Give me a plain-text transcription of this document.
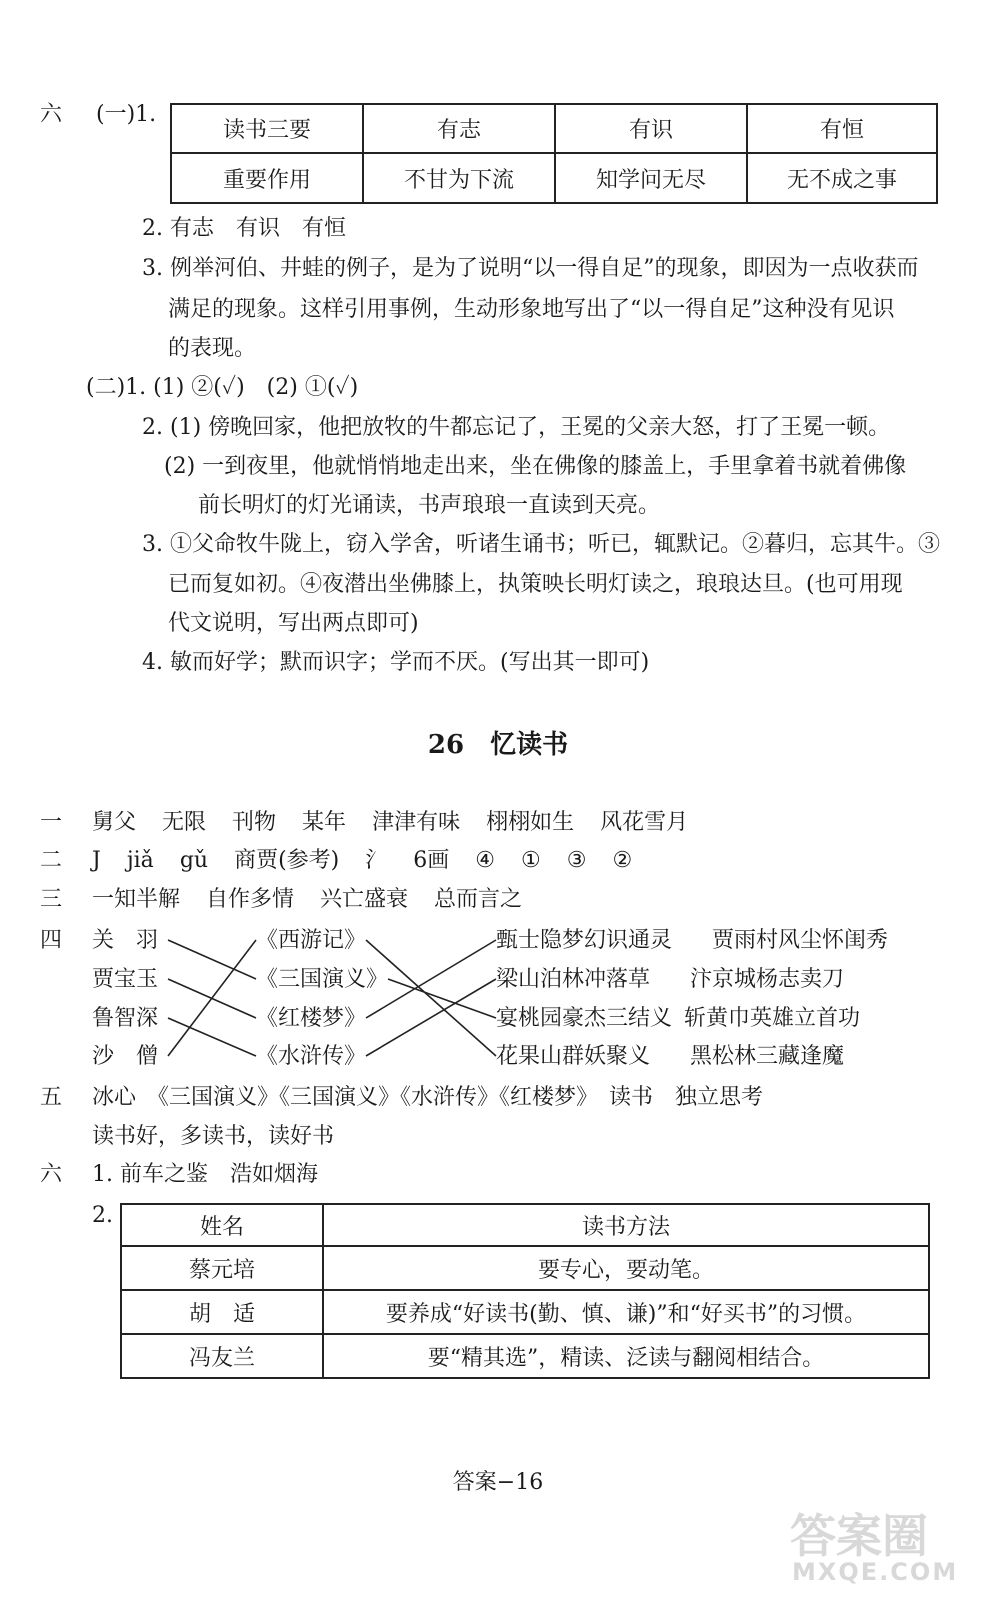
六 (一)1.
读书三要	有志	有识	有恒
重要作用	不甘为下流	知学问无尽	无不成之事
2. 有志　有识　有恒
3. 例举河伯、井蛙的例子，是为了说明“以一得自足”的现象，即因为一点收获而
满足的现象。这样引用事例，生动形象地写出了“以一得自足”这种没有见识
的表现。
(二)1. (1) ②(✓)　(2) ①(✓)
2. (1) 傍晚回家，他把放牧的牛都忘记了，王冕的父亲大怒，打了王冕一顿。
(2) 一到夜里，他就悄悄地走出来，坐在佛像的膝盖上，手里拿着书就着佛像
前长明灯的灯光诵读，书声琅琅一直读到天亮。
3. ①父命牧牛陇上，窃入学舍，听诸生诵书；听已，辄默记。②暮归，忘其牛。③
已而复如初。④夜潜出坐佛膝上，执策映长明灯读之，琅琅达旦。(也可用现
代文说明，写出两点即可)
4. 敏而好学；默而识字；学而不厌。(写出其一即可)
26　忆读书
一 舅父 无限 刊物 某年 津津有味 栩栩如生 风花雪月
二 J jiǎ gǔ 商贾(参考) 氵 6画 ④ ① ③ ②
三 一知半解 自作多情 兴亡盛衰 总而言之
四 关　羽
贾宝玉
鲁智深
沙　僧
《西游记》
《三国演义》
《红楼梦》
《水浒传》
甄士隐梦幻识通灵
梁山泊林冲落草
宴桃园豪杰三结义
花果山群妖聚义
贾雨村风尘怀闺秀
汴京城杨志卖刀
斩黄巾英雄立首功
黑松林三藏逢魔
五 冰心　《三国演义》《三国演义》《水浒传》《红楼梦》　读书　独立思考
读书好，多读书，读好书
六 1. 前车之鉴　浩如烟海
2.	姓名	读书方法
蔡元培	要专心，要动笔。
胡　适	要养成“好读书(勤、慎、谦)”和“好买书”的习惯。
冯友兰	要“精其选”，精读、泛读与翻阅相结合。
答案−16
答案圈
MXQE.COM
